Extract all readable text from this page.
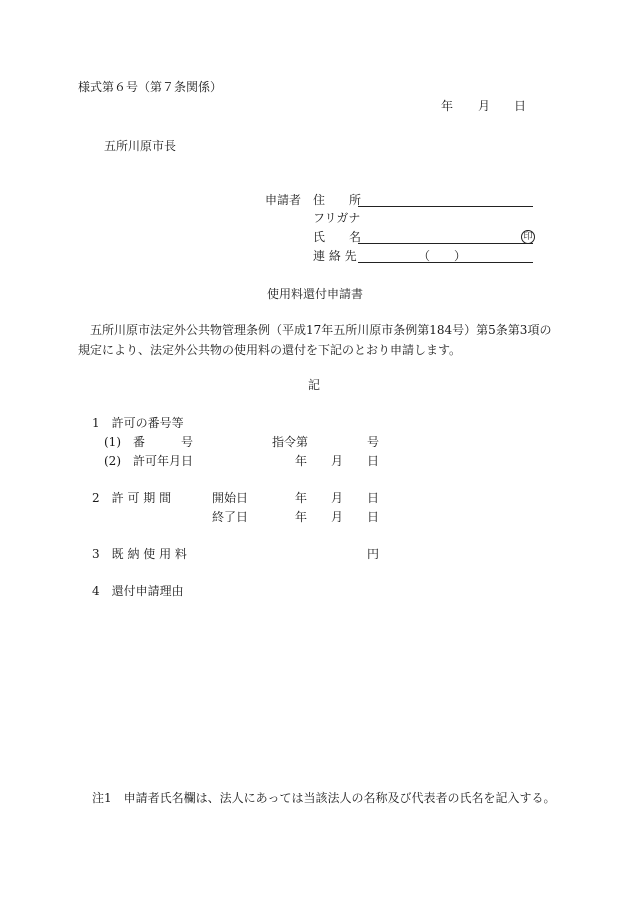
様式第６号（第７条関係）
年 月 日
五所川原市長
申請者 住　　所
フリガナ
氏　　名	印
連 絡 先	（　　）
使用料還付申請書
五所川原市法定外公共物管理条例（平成17年五所川原市条例第184号）第5条第3項の規定により、法定外公共物の使用料の還付を下記のとおり申請します。
記
1　許可の番号等
(1)　番　　　号	指令第	号
(2)　許可年月日	年 月 日
2　許 可 期 間	開始日	年 月 日
終了日	年 月 日
3　既 納 使 用 料	円
4　還付申請理由
注1　申請者氏名欄は、法人にあっては当該法人の名称及び代表者の氏名を記入する。
